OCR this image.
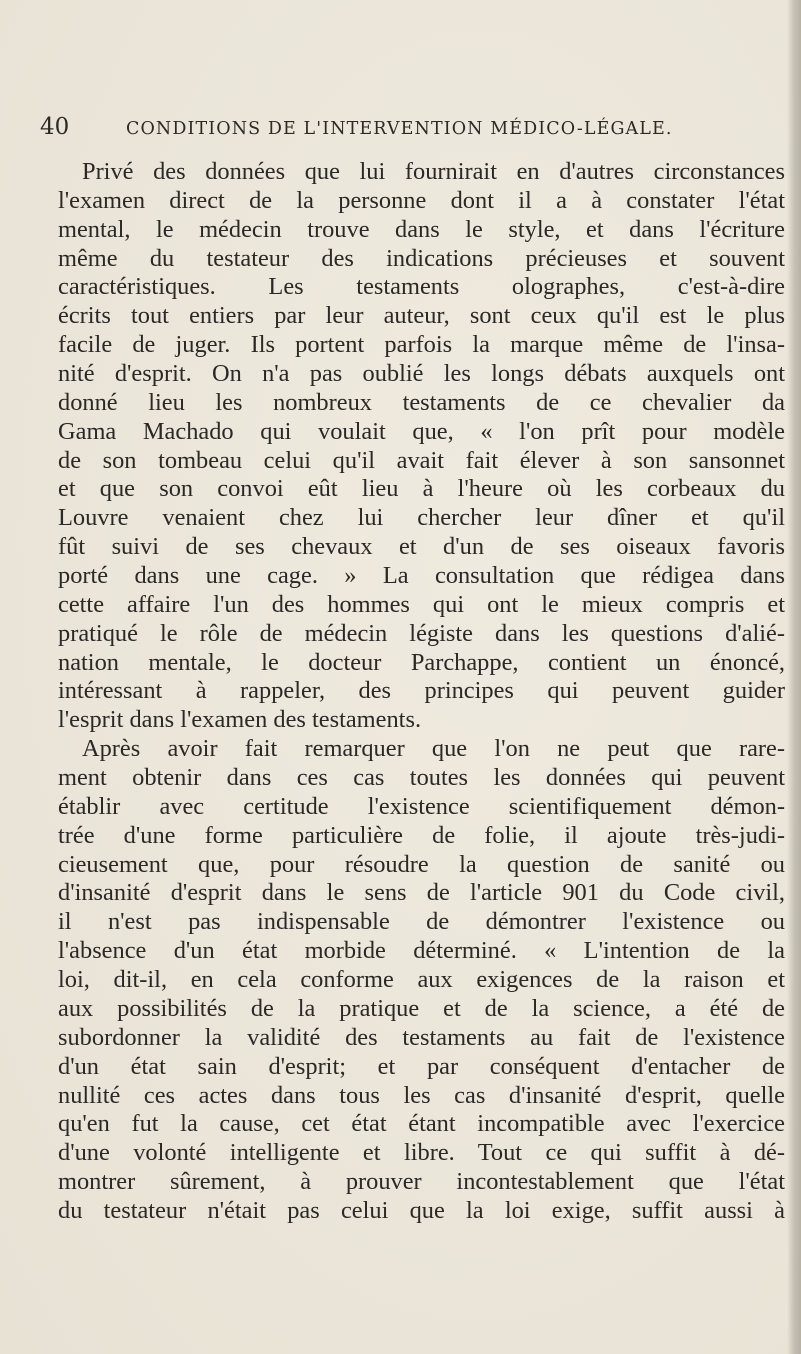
40	CONDITIONS DE L'INTERVENTION MÉDICO-LÉGALE.
Privé des données que lui fournirait en d'autres circonstances
l'examen direct de la personne dont il a à constater l'état
mental, le médecin trouve dans le style, et dans l'écriture
même du testateur des indications précieuses et souvent
caractéristiques. Les testaments olographes, c'est-à-dire
écrits tout entiers par leur auteur, sont ceux qu'il est le plus
facile de juger. Ils portent parfois la marque même de l'insa-
nité d'esprit. On n'a pas oublié les longs débats auxquels ont
donné lieu les nombreux testaments de ce chevalier da
Gama Machado qui voulait que, « l'on prît pour modèle
de son tombeau celui qu'il avait fait élever à son sansonnet
et que son convoi eût lieu à l'heure où les corbeaux du
Louvre venaient chez lui chercher leur dîner et qu'il
fût suivi de ses chevaux et d'un de ses oiseaux favoris
porté dans une cage. » La consultation que rédigea dans
cette affaire l'un des hommes qui ont le mieux compris et
pratiqué le rôle de médecin légiste dans les questions d'alié-
nation mentale, le docteur Parchappe, contient un énoncé,
intéressant à rappeler, des principes qui peuvent guider
l'esprit dans l'examen des testaments.
Après avoir fait remarquer que l'on ne peut que rare-
ment obtenir dans ces cas toutes les données qui peuvent
établir avec certitude l'existence scientifiquement démon-
trée d'une forme particulière de folie, il ajoute très-judi-
cieusement que, pour résoudre la question de sanité ou
d'insanité d'esprit dans le sens de l'article 901 du Code civil,
il n'est pas indispensable de démontrer l'existence ou
l'absence d'un état morbide déterminé. « L'intention de la
loi, dit-il, en cela conforme aux exigences de la raison et
aux possibilités de la pratique et de la science, a été de
subordonner la validité des testaments au fait de l'existence
d'un état sain d'esprit; et par conséquent d'entacher de
nullité ces actes dans tous les cas d'insanité d'esprit, quelle
qu'en fut la cause, cet état étant incompatible avec l'exercice
d'une volonté intelligente et libre. Tout ce qui suffit à dé-
montrer sûrement, à prouver incontestablement que l'état
du testateur n'était pas celui que la loi exige, suffit aussi à
